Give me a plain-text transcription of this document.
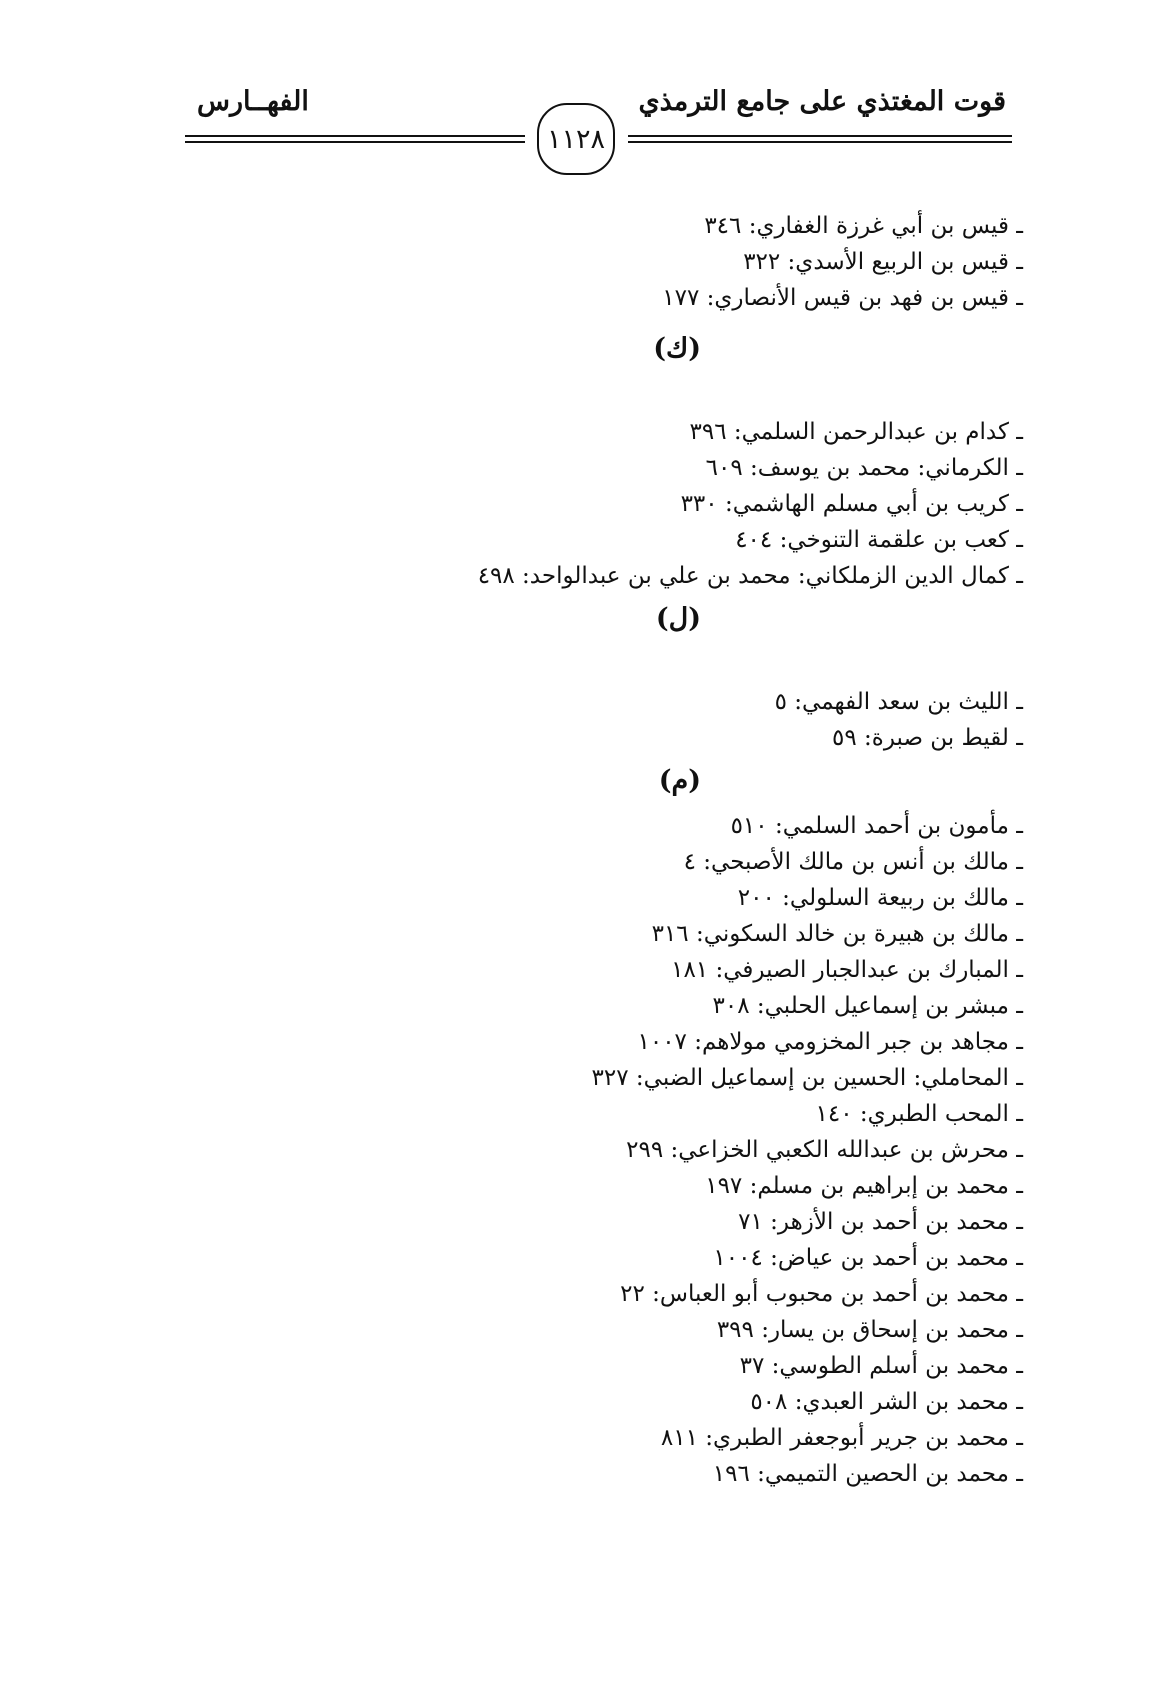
قوت المغتذي على جامع الترمذي
الفهــارس
١١٢٨
ـ قيس بن أبي غرزة الغفاري: ٣٤٦
ـ قيس بن الربيع الأسدي: ٣٢٢
ـ قيس بن فهد بن قيس الأنصاري: ١٧٧
(ك)
ـ كدام بن عبدالرحمن السلمي: ٣٩٦
ـ الكرماني: محمد بن يوسف: ٦٠٩
ـ كريب بن أبي مسلم الهاشمي: ٣٣٠
ـ كعب بن علقمة التنوخي: ٤٠٤
ـ كمال الدين الزملكاني: محمد بن علي بن عبدالواحد: ٤٩٨
(ل)
ـ الليث بن سعد الفهمي: ٥
ـ لقيط بن صبرة: ٥٩
(م)
ـ مأمون بن أحمد السلمي: ٥١٠
ـ مالك بن أنس بن مالك الأصبحي: ٤
ـ مالك بن ربيعة السلولي: ٢٠٠
ـ مالك بن هبيرة بن خالد السكوني: ٣١٦
ـ المبارك بن عبدالجبار الصيرفي: ١٨١
ـ مبشر بن إسماعيل الحلبي: ٣٠٨
ـ مجاهد بن جبر المخزومي مولاهم: ١٠٠٧
ـ المحاملي: الحسين بن إسماعيل الضبي: ٣٢٧
ـ المحب الطبري: ١٤٠
ـ محرش بن عبدالله الكعبي الخزاعي: ٢٩٩
ـ محمد بن إبراهيم بن مسلم: ١٩٧
ـ محمد بن أحمد بن الأزهر: ٧١
ـ محمد بن أحمد بن عياض: ١٠٠٤
ـ محمد بن أحمد بن محبوب أبو العباس: ٢٢
ـ محمد بن إسحاق بن يسار: ٣٩٩
ـ محمد بن أسلم الطوسي: ٣٧
ـ محمد بن الشر العبدي: ٥٠٨
ـ محمد بن جرير أبوجعفر الطبري: ٨١١
ـ محمد بن الحصين التميمي: ١٩٦
